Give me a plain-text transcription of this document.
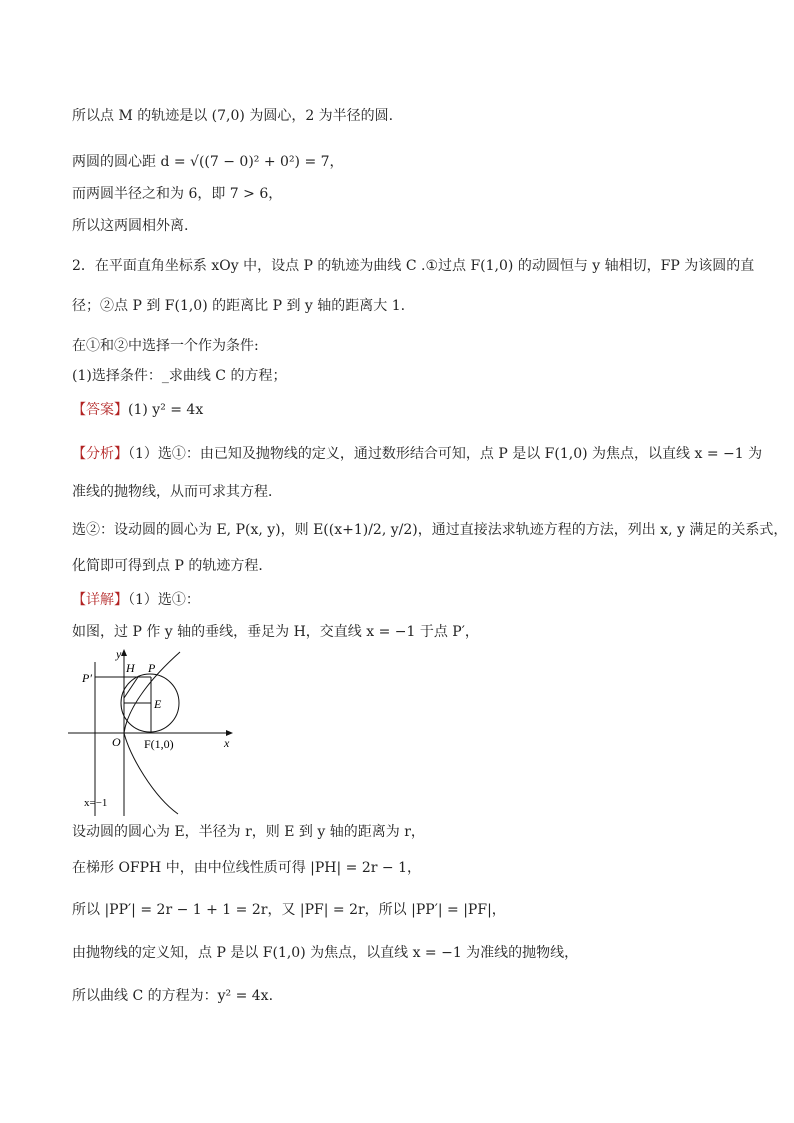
所以点 M 的轨迹是以 (7,0) 为圆心，2 为半径的圆.
两圆的圆心距 d = √((7 − 0)² + 0²) = 7，
而两圆半径之和为 6，即 7 > 6，
所以这两圆相外离.
2．在平面直角坐标系 xOy 中，设点 P 的轨迹为曲线 C .①过点 F(1,0) 的动圆恒与 y 轴相切，FP 为该圆的直
径；②点 P 到 F(1,0) 的距离比 P 到 y 轴的距离大 1.
在①和②中选择一个作为条件:
(1)选择条件：_求曲线 C 的方程；
【答案】(1) y² = 4x
【分析】（1）选①：由已知及抛物线的定义，通过数形结合可知，点 P 是以 F(1,0) 为焦点，以直线 x = −1 为
准线的抛物线，从而可求其方程．
选②：设动圆的圆心为 E, P(x, y)，则 E((x+1)/2, y/2)，通过直接法求轨迹方程的方法，列出 x, y 满足的关系式，
化简即可得到点 P 的轨迹方程．
【详解】（1）选①：
如图，过 P 作 y 轴的垂线，垂足为 H，交直线 x = −1 于点 P′，
y
x
H P
P′
E
O F(1,0)
x=−1
设动圆的圆心为 E，半径为 r，则 E 到 y 轴的距离为 r，
在梯形 OFPH 中，由中位线性质可得 |PH| = 2r − 1，
所以 |PP′| = 2r − 1 + 1 = 2r，又 |PF| = 2r，所以 |PP′| = |PF|，
由抛物线的定义知，点 P 是以 F(1,0) 为焦点，以直线 x = −1 为准线的抛物线，
所以曲线 C 的方程为：y² = 4x.
